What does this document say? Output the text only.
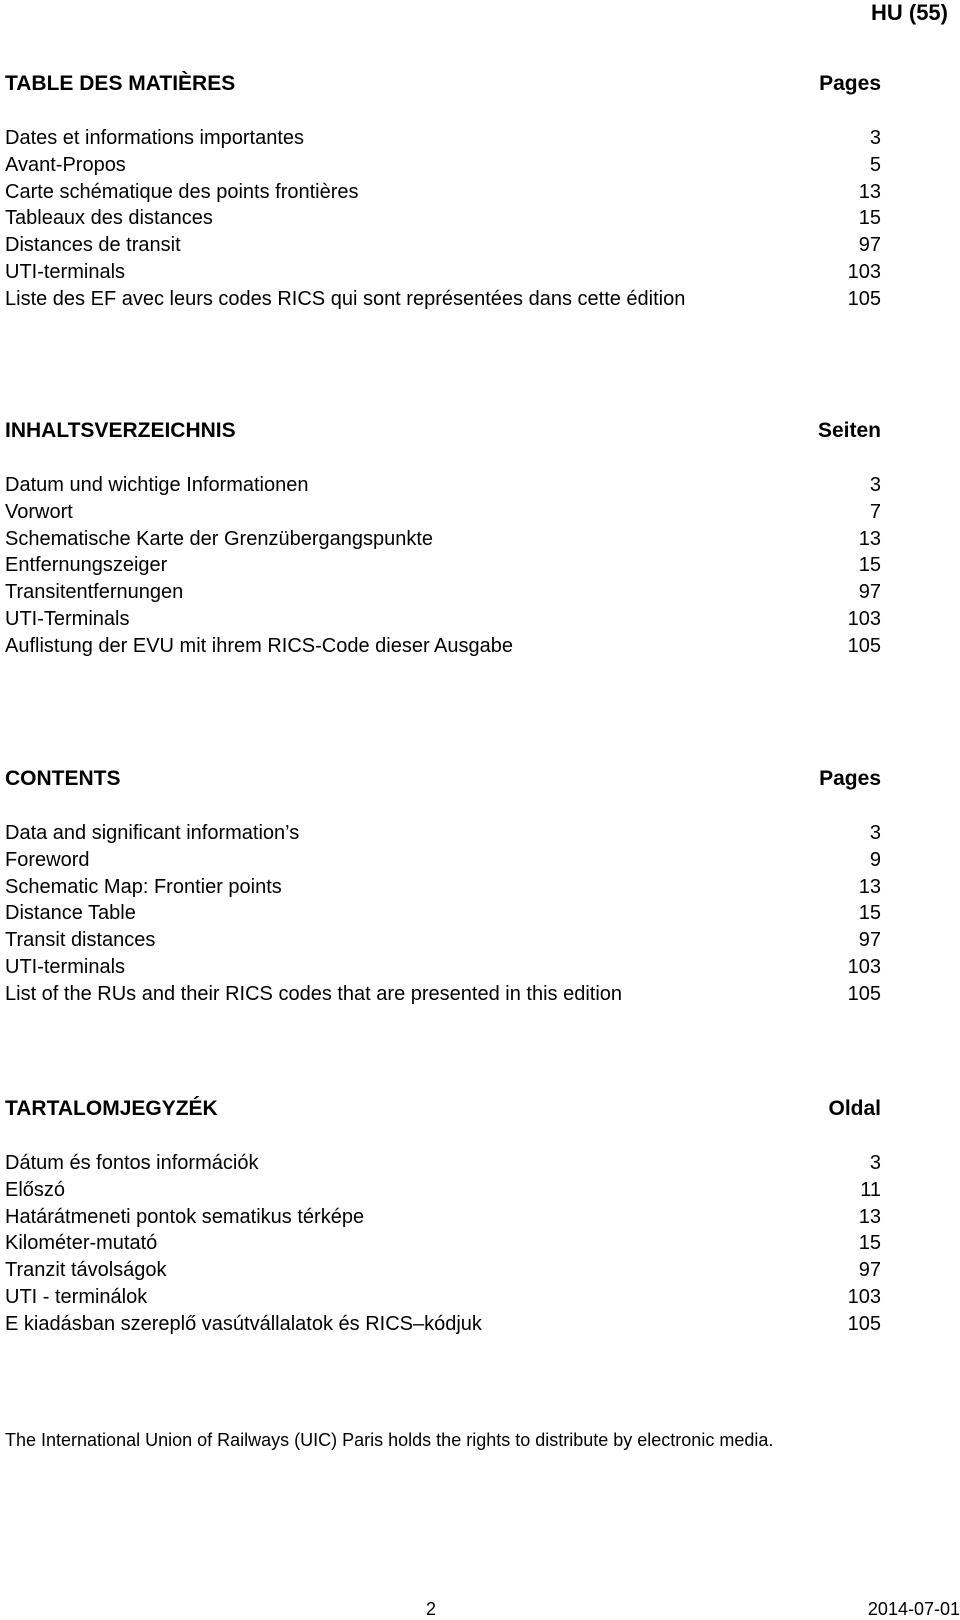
HU (55)
TABLE DES MATIÈRES	Pages
Dates et informations importantes	3
Avant-Propos	5
Carte schématique des points frontières	13
Tableaux des distances	15
Distances de transit	97
UTI-terminals	103
Liste des EF avec leurs codes RICS qui sont représentées dans cette édition	105
INHALTSVERZEICHNIS	Seiten
Datum und wichtige Informationen	3
Vorwort	7
Schematische Karte der Grenzübergangspunkte	13
Entfernungszeiger	15
Transitentfernungen	97
UTI-Terminals	103
Auflistung der EVU mit ihrem RICS-Code dieser Ausgabe	105
CONTENTS	Pages
Data and significant information’s	3
Foreword	9
Schematic Map: Frontier points	13
Distance Table	15
Transit distances	97
UTI-terminals	103
List of the RUs and their RICS codes that are presented in this edition	105
TARTALOMJEGYZÉK	Oldal
Dátum és fontos információk	3
Előszó	11
Határátmeneti pontok sematikus térképe	13
Kilométer-mutató	15
Tranzit távolságok	97
UTI - terminálok	103
E kiadásban szereplő vasútvállalatok és RICS–kódjuk	105
The International Union of Railways (UIC) Paris holds the rights to distribute by electronic media.
2	2014-07-01
